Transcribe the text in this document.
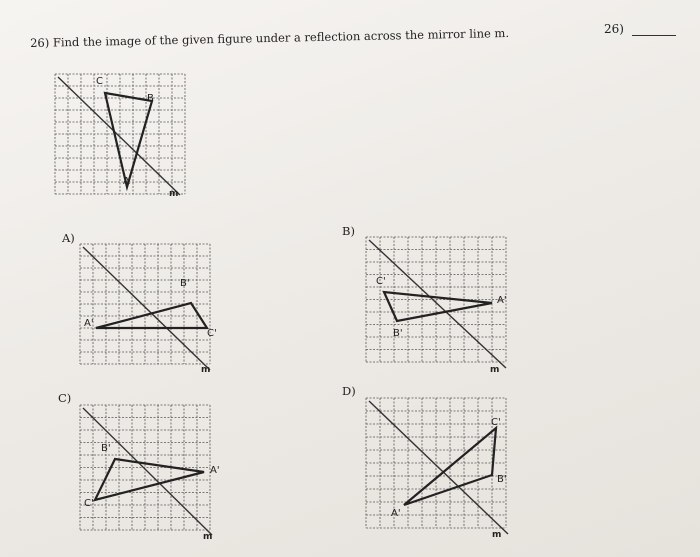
26)
26) Find the image of the given figure under a reflection across the mirror line m.
C
B
A
m
A)
A'
B'
C'
m
B)
C'
A'
B'
m
C)
B'
A'
C'
m
D)
C'
B'
A'
m
